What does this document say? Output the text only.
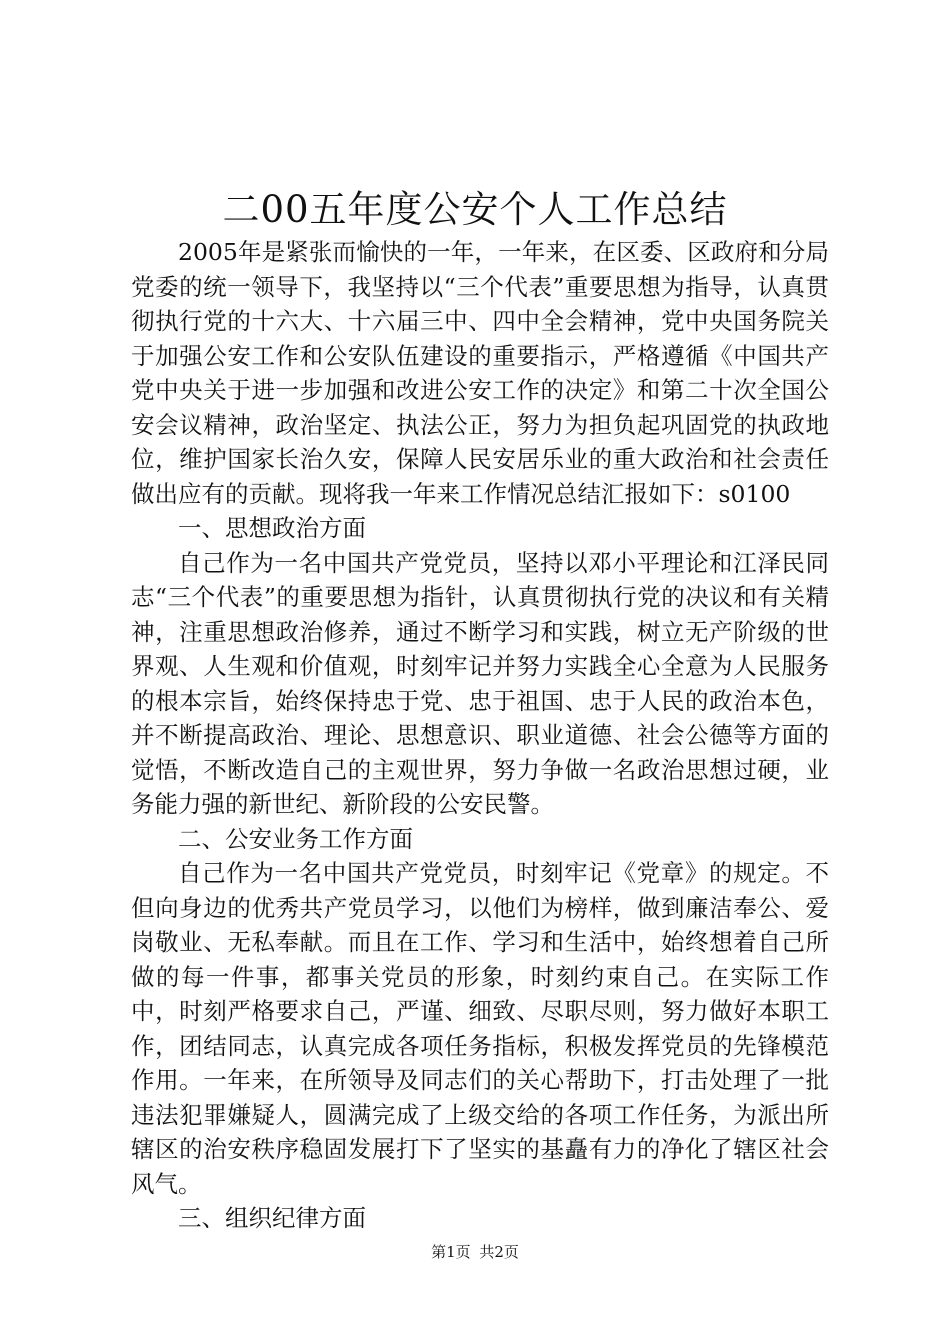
二00五年度公安个人工作总结

2005年是紧张而愉快的一年，一年来，在区委、区政府和分局党委的统一领导下，我坚持以“三个代表”重要思想为指导，认真贯彻执行党的十六大、十六届三中、四中全会精神，党中央国务院关于加强公安工作和公安队伍建设的重要指示，严格遵循《中国共产党中央关于进一步加强和改进公安工作的决定》和第二十次全国公安会议精神，政治坚定、执法公正，努力为担负起巩固党的执政地位，维护国家长治久安，保障人民安居乐业的重大政治和社会责任做出应有的贡献。现将我一年来工作情况总结汇报如下：s0100

一、思想政治方面

自己作为一名中国共产党党员，坚持以邓小平理论和江泽民同志“三个代表”的重要思想为指针，认真贯彻执行党的决议和有关精神，注重思想政治修养，通过不断学习和实践，树立无产阶级的世界观、人生观和价值观，时刻牢记并努力实践全心全意为人民服务的根本宗旨，始终保持忠于党、忠于祖国、忠于人民的政治本色，并不断提高政治、理论、思想意识、职业道德、社会公德等方面的觉悟，不断改造自己的主观世界，努力争做一名政治思想过硬，业务能力强的新世纪、新阶段的公安民警。

二、公安业务工作方面

自己作为一名中国共产党党员，时刻牢记《党章》的规定。不但向身边的优秀共产党员学习，以他们为榜样，做到廉洁奉公、爱岗敬业、无私奉献。而且在工作、学习和生活中，始终想着自己所做的每一件事，都事关党员的形象，时刻约束自己。在实际工作中，时刻严格要求自己，严谨、细致、尽职尽则，努力做好本职工作，团结同志，认真完成各项任务指标，积极发挥党员的先锋模范作用。一年来，在所领导及同志们的关心帮助下，打击处理了一批违法犯罪嫌疑人，圆满完成了上级交给的各项工作任务，为派出所辖区的治安秩序稳固发展打下了坚实的基矗有力的净化了辖区社会风气。

三、组织纪律方面

第1页 共2页
